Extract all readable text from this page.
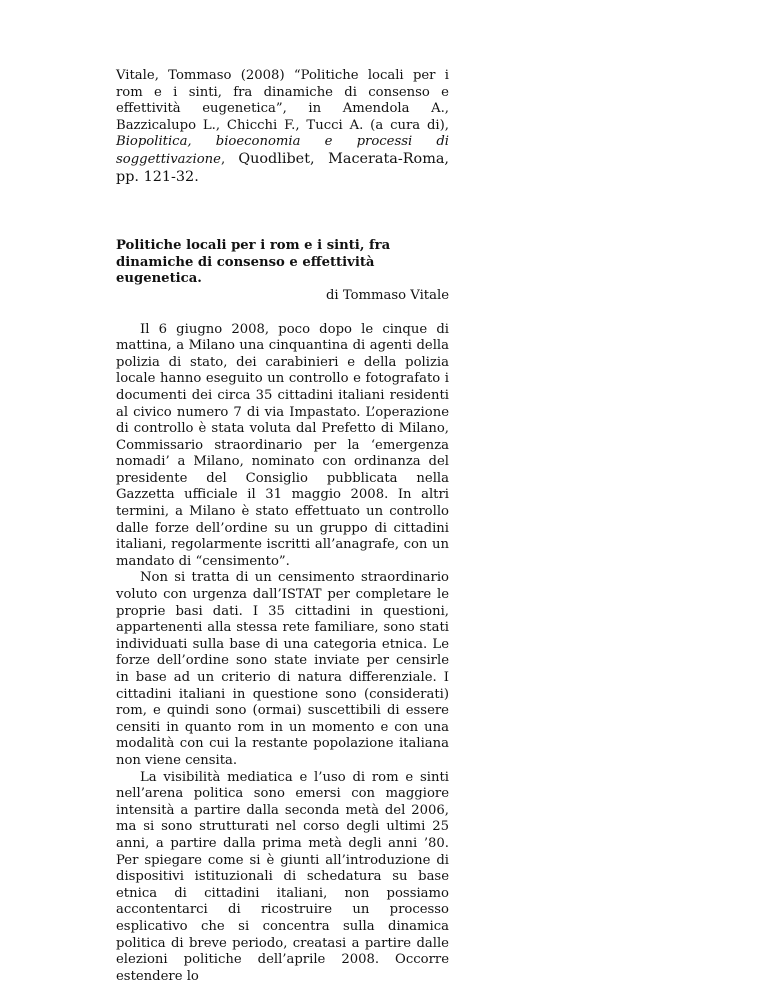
Vitale, Tommaso (2008) “Politiche locali per i rom e i sinti, fra dinamiche di consenso e effettività eugenetica”, in Amendola A., Bazzicalupo L., Chicchi F., Tucci A. (a cura di), Biopolitica, bioeconomia e processi di soggettivazione, Quodlibet, Macerata-Roma, pp. 121-32.

Politiche locali per i rom e i sinti, fra dinamiche di consenso e effettività eugenetica.
di Tommaso Vitale

Il 6 giugno 2008, poco dopo le cinque di mattina, a Milano una cinquantina di agenti della polizia di stato, dei carabinieri e della polizia locale hanno eseguito un controllo e fotografato i documenti dei circa 35 cittadini italiani residenti al civico numero 7 di via Impastato. L’operazione di controllo è stata voluta dal Prefetto di Milano, Commissario straordinario per la ‘emergenza nomadi’ a Milano, nominato con ordinanza del presidente del Consiglio pubblicata nella Gazzetta ufficiale il 31 maggio 2008. In altri termini, a Milano è stato effettuato un controllo dalle forze dell’ordine su un gruppo di cittadini italiani, regolarmente iscritti all’anagrafe, con un mandato di “censimento”.

Non si tratta di un censimento straordinario voluto con urgenza dall’ISTAT per completare le proprie basi dati. I 35 cittadini in questioni, appartenenti alla stessa rete familiare, sono stati individuati sulla base di una categoria etnica. Le forze dell’ordine sono state inviate per censirle in base ad un criterio di natura differenziale. I cittadini italiani in questione sono (considerati) rom, e quindi sono (ormai) suscettibili di essere censiti in quanto rom in un momento e con una modalità con cui la restante popolazione italiana non viene censita.

La visibilità mediatica e l’uso di rom e sinti nell’arena politica sono emersi con maggiore intensità a partire dalla seconda metà del 2006, ma si sono strutturati nel corso degli ultimi 25 anni, a partire dalla prima metà degli anni ’80. Per spiegare come si è giunti all’introduzione di dispositivi istituzionali di schedatura su base etnica di cittadini italiani, non possiamo accontentarci di ricostruire un processo esplicativo che si concentra sulla dinamica politica di breve periodo, creatasi a partire dalle elezioni politiche dell’aprile 2008. Occorre estendere lo
